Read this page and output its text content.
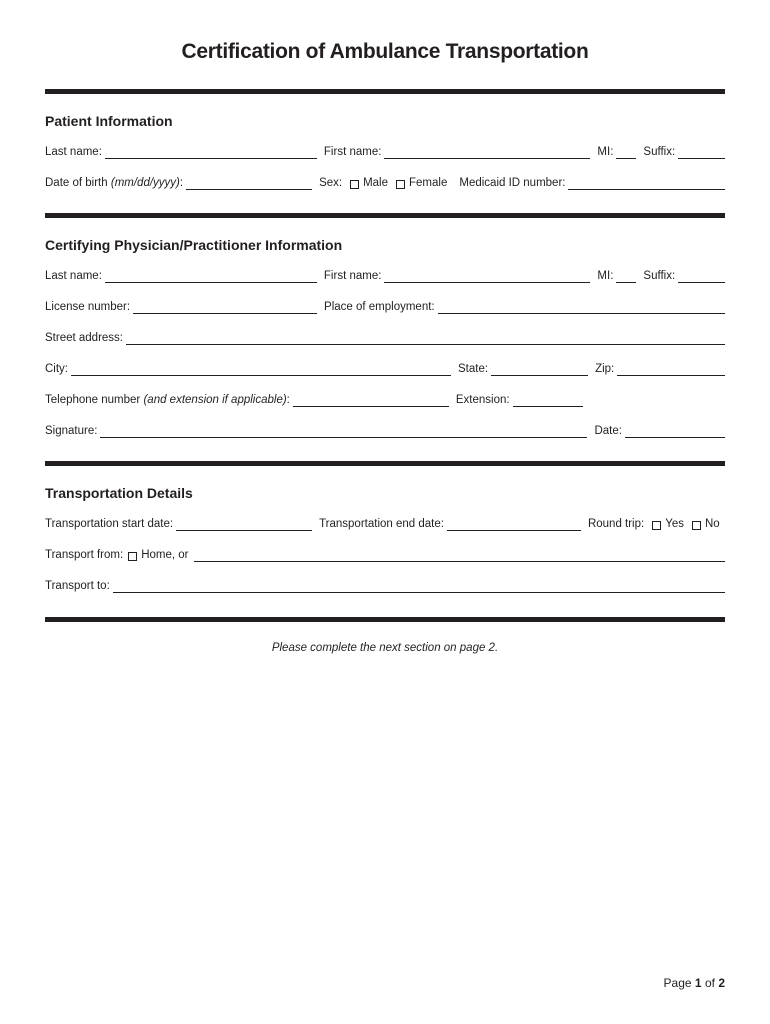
Certification of Ambulance Transportation
Patient Information
Last name:	First name:	MI:	Suffix:
Date of birth (mm/dd/yyyy):	Sex: Male	Female	Medicaid ID number:
Certifying Physician/Practitioner Information
Last name:	First name:	MI:	Suffix:
License number:	Place of employment:
Street address:
City:	State:	Zip:
Telephone number (and extension if applicable):	Extension:
Signature:	Date:
Transportation Details
Transportation start date:	Transportation end date:	Round trip: Yes	No
Transport from: Home, or
Transport to:
Please complete the next section on page 2.
Page 1 of 2
